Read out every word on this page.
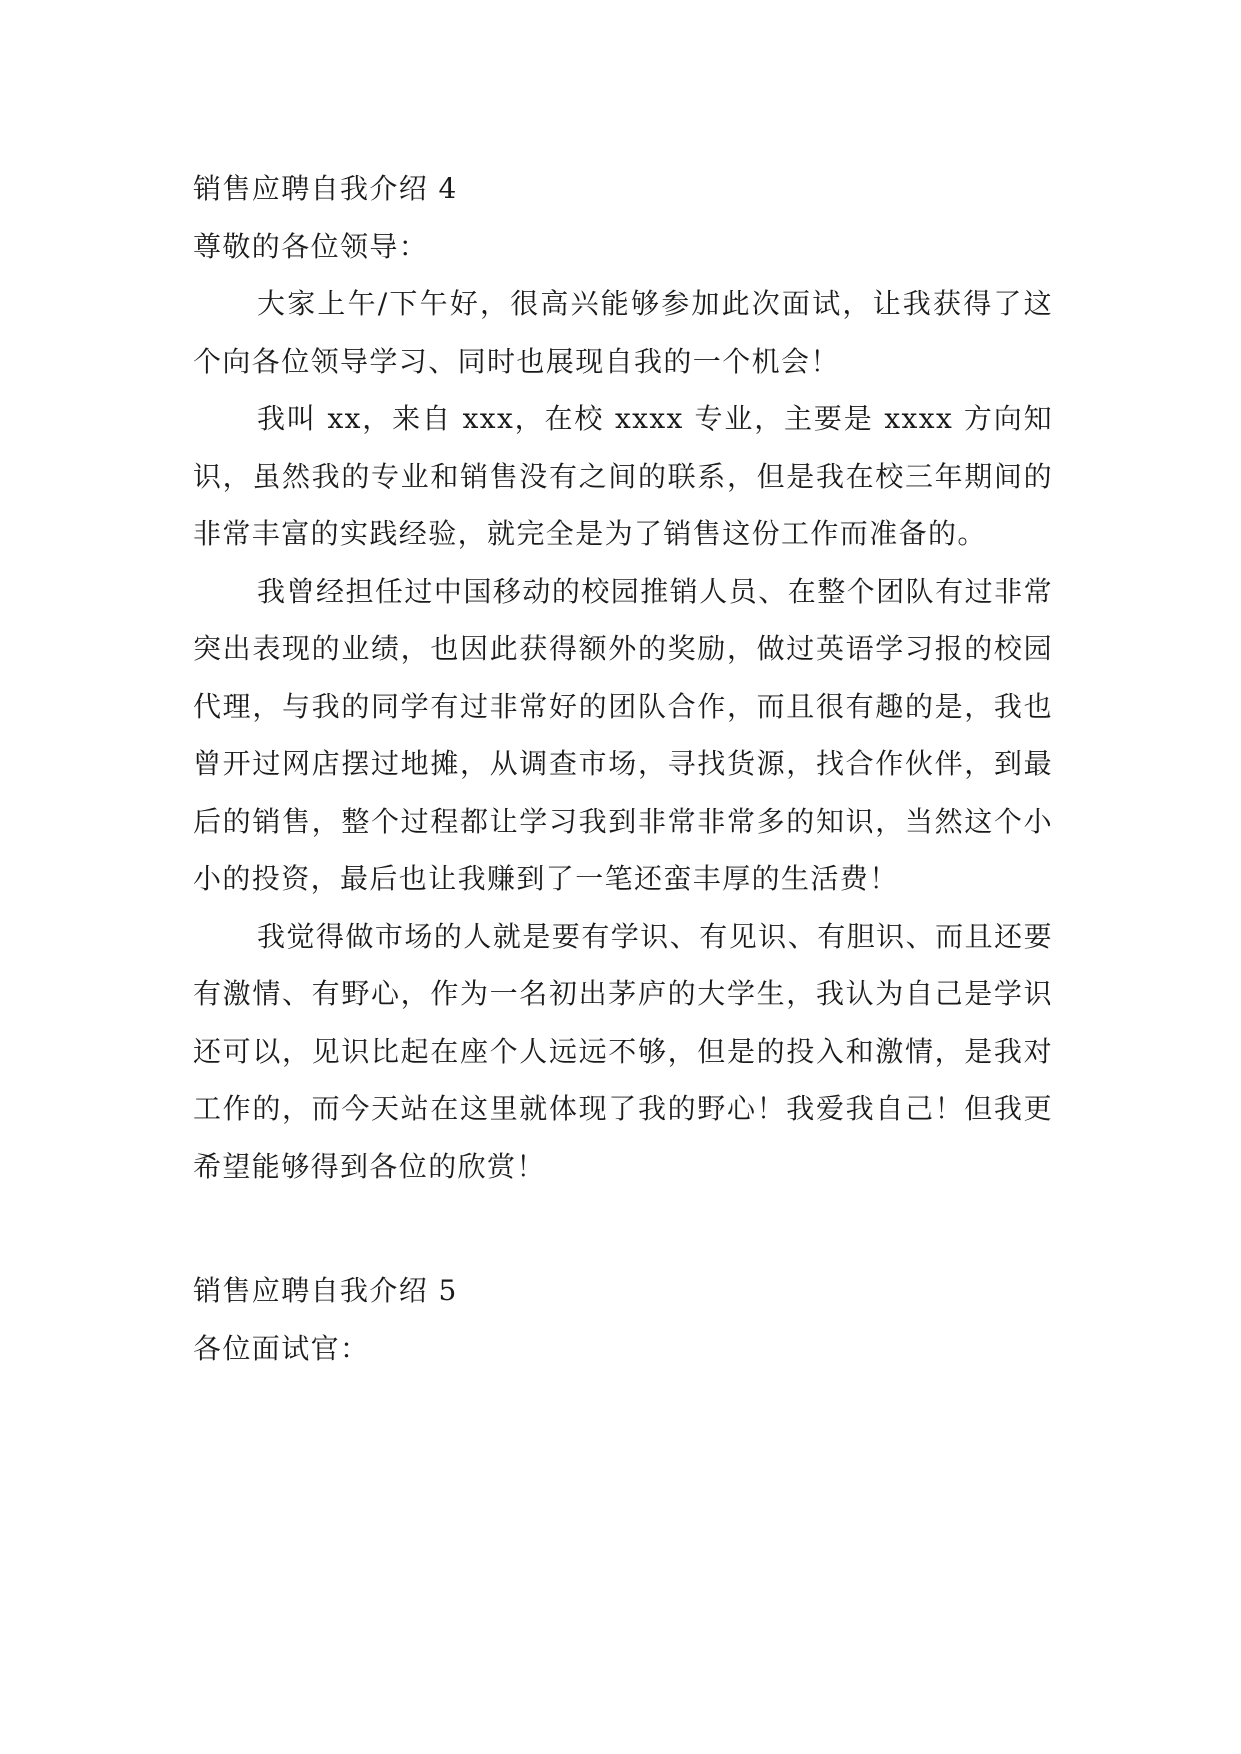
销售应聘自我介绍 4
尊敬的各位领导：

大家上午/下午好，很高兴能够参加此次面试，让我获得了这个向各位领导学习、同时也展现自我的一个机会！

我叫 xx，来自 xxx，在校 xxxx 专业，主要是 xxxx 方向知识，虽然我的专业和销售没有之间的联系，但是我在校三年期间的非常丰富的实践经验，就完全是为了销售这份工作而准备的。

我曾经担任过中国移动的校园推销人员、在整个团队有过非常突出表现的业绩，也因此获得额外的奖励，做过英语学习报的校园代理，与我的同学有过非常好的团队合作，而且很有趣的是，我也曾开过网店摆过地摊，从调查市场，寻找货源，找合作伙伴，到最后的销售，整个过程都让学习我到非常非常多的知识，当然这个小小的投资，最后也让我赚到了一笔还蛮丰厚的生活费！

我觉得做市场的人就是要有学识、有见识、有胆识、而且还要有激情、有野心，作为一名初出茅庐的大学生，我认为自己是学识还可以，见识比起在座个人远远不够，但是的投入和激情，是我对工作的，而今天站在这里就体现了我的野心！我爱我自己！但我更希望能够得到各位的欣赏！

销售应聘自我介绍 5
各位面试官：
